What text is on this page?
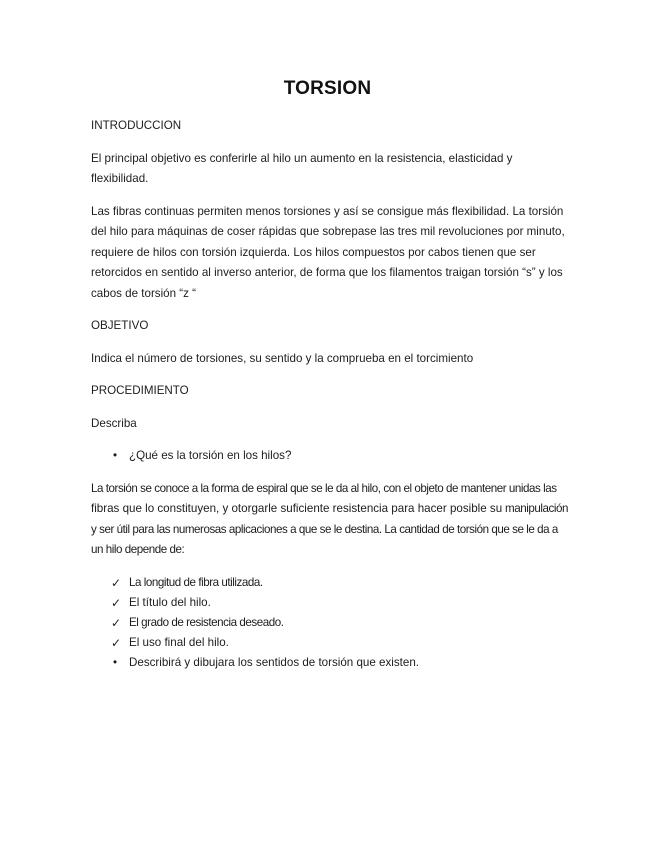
TORSION
INTRODUCCION
El principal objetivo es conferirle al hilo un aumento en la resistencia, elasticidad y flexibilidad.
Las fibras continuas permiten menos torsiones y así se consigue más flexibilidad. La torsión del hilo para máquinas de coser rápidas que sobrepase las tres mil revoluciones por minuto, requiere de hilos con torsión izquierda. Los hilos compuestos por cabos tienen que ser retorcidos en sentido al inverso anterior, de forma que los filamentos traigan torsión “s” y los cabos de torsión “z “
OBJETIVO
Indica el número de torsiones, su sentido y la comprueba en el torcimiento
PROCEDIMIENTO
Describa
•	¿Qué es la torsión en los hilos?
La torsión se conoce a la forma de espiral que se le da al hilo, con el objeto de mantener unidas las fibras que lo constituyen, y otorgarle suficiente resistencia para hacer posible su manipulación y ser útil para las numerosas aplicaciones a que se le destina. La cantidad de torsión que se le da a un hilo depende de:
✓ La longitud de fibra utilizada.
✓ El título del hilo.
✓ El grado de resistencia deseado.
✓ El uso final del hilo.
•	Describirá y dibujara los sentidos de torsión que existen.
